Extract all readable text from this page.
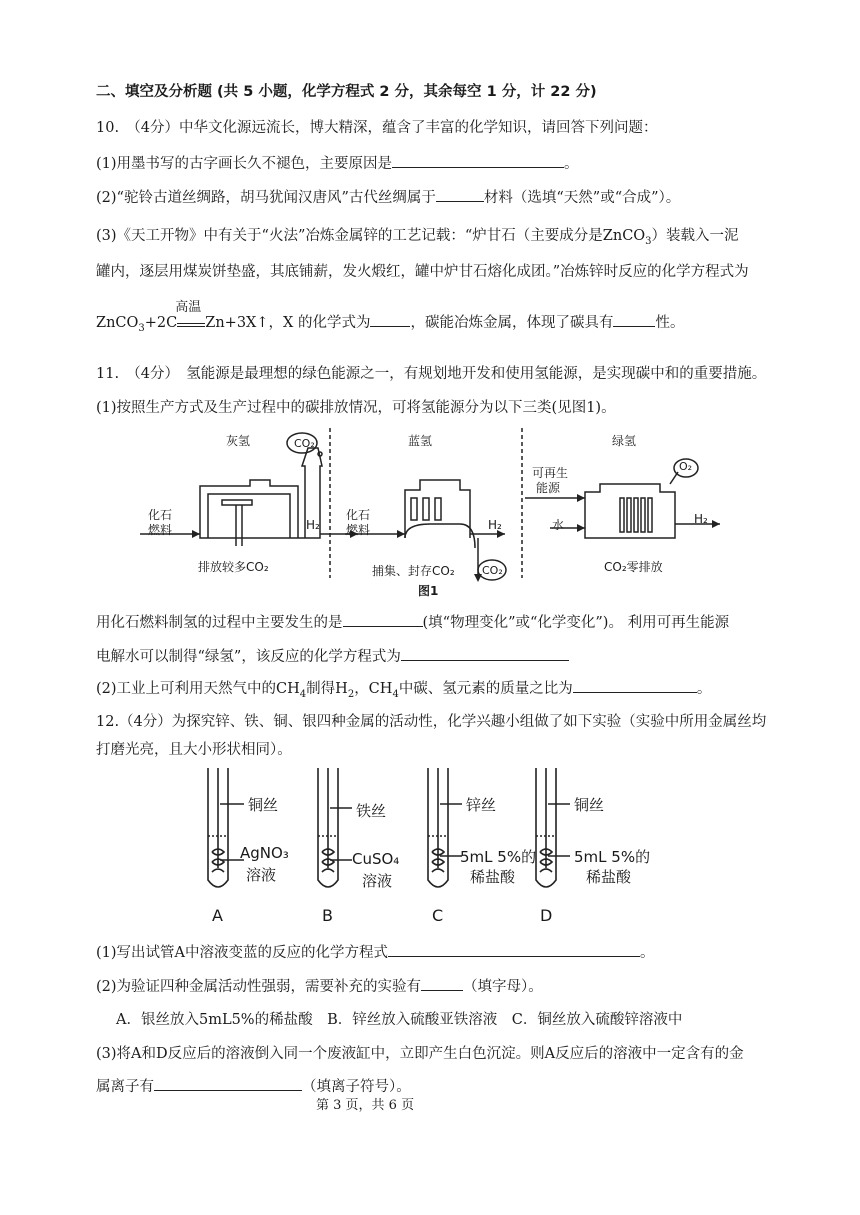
二、填空及分析题 (共 5 小题，化学方程式 2 分，其余每空 1 分，计 22 分)
10.　（4分）中华文化源远流长，博大精深，蕴含了丰富的化学知识，请回答下列问题：
(1)用墨书写的古字画长久不褪色，主要原因是	。
(2)“驼铃古道丝绸路，胡马犹闻汉唐风”古代丝绸属于	材料（选填“天然”或“合成”）。
(3)《天工开物》中有关于“火法”冶炼金属锌的工艺记载：“炉甘石（主要成分是ZnCO$_3$）装载入一泥
罐内，逐层用煤炭饼垫盛，其底铺薪，发火煅红，罐中炉甘石熔化成团。”冶炼锌时反应的化学方程式为
ZnCO$_3$+2C
高温
Zn+3X↑，X 的化学式为	，碳能冶炼金属，体现了碳具有	性。
11.　（4分）　氢能源是最理想的绿色能源之一，有规划地开发和使用氢能源，是实现碳中和的重要措施。
(1)按照生产方式及生产过程中的碳排放情况，可将氢能源分为以下三类(见图1)。
灰氢	CO₂
化石
燃料	H₂
排放较多CO₂
蓝氢
化石
燃料	H₂
CO₂
捕集、封存CO₂
绿氢
可再生
能源
水	H₂
O₂
CO₂零排放
图1
用化石燃料制氢的过程中主要发生的是	(填“物理变化”或“化学变化”)。 利用可再生能源
电解水可以制得“绿氢”，该反应的化学方程式为
(2)工业上可利用天然气中的$CH_4$制得$H_2$，$CH_4$中碳、氢元素的质量之比为	。
12.（4分）为探究锌、铁、铜、银四种金属的活动性，化学兴趣小组做了如下实验（实验中所用金属丝均
打磨光亮，且大小形状相同）。
铜丝
AgNO₃
溶液
A
铁丝
CuSO₄
溶液
B
锌丝
5mL 5%的
稀盐酸
C
铜丝
5mL 5%的
稀盐酸
D
(1)写出试管A中溶液变蓝的反应的化学方程式	。
(2)为验证四种金属活动性强弱，需要补充的实验有	（填字母）。
A．银丝放入5mL5%的稀盐酸　B．锌丝放入硫酸亚铁溶液　C．铜丝放入硫酸锌溶液中
(3)将A和D反应后的溶液倒入同一个废液缸中，立即产生白色沉淀。则A反应后的溶液中一定含有的金
属离子有	（填离子符号）。
第 3 页，共 6 页
